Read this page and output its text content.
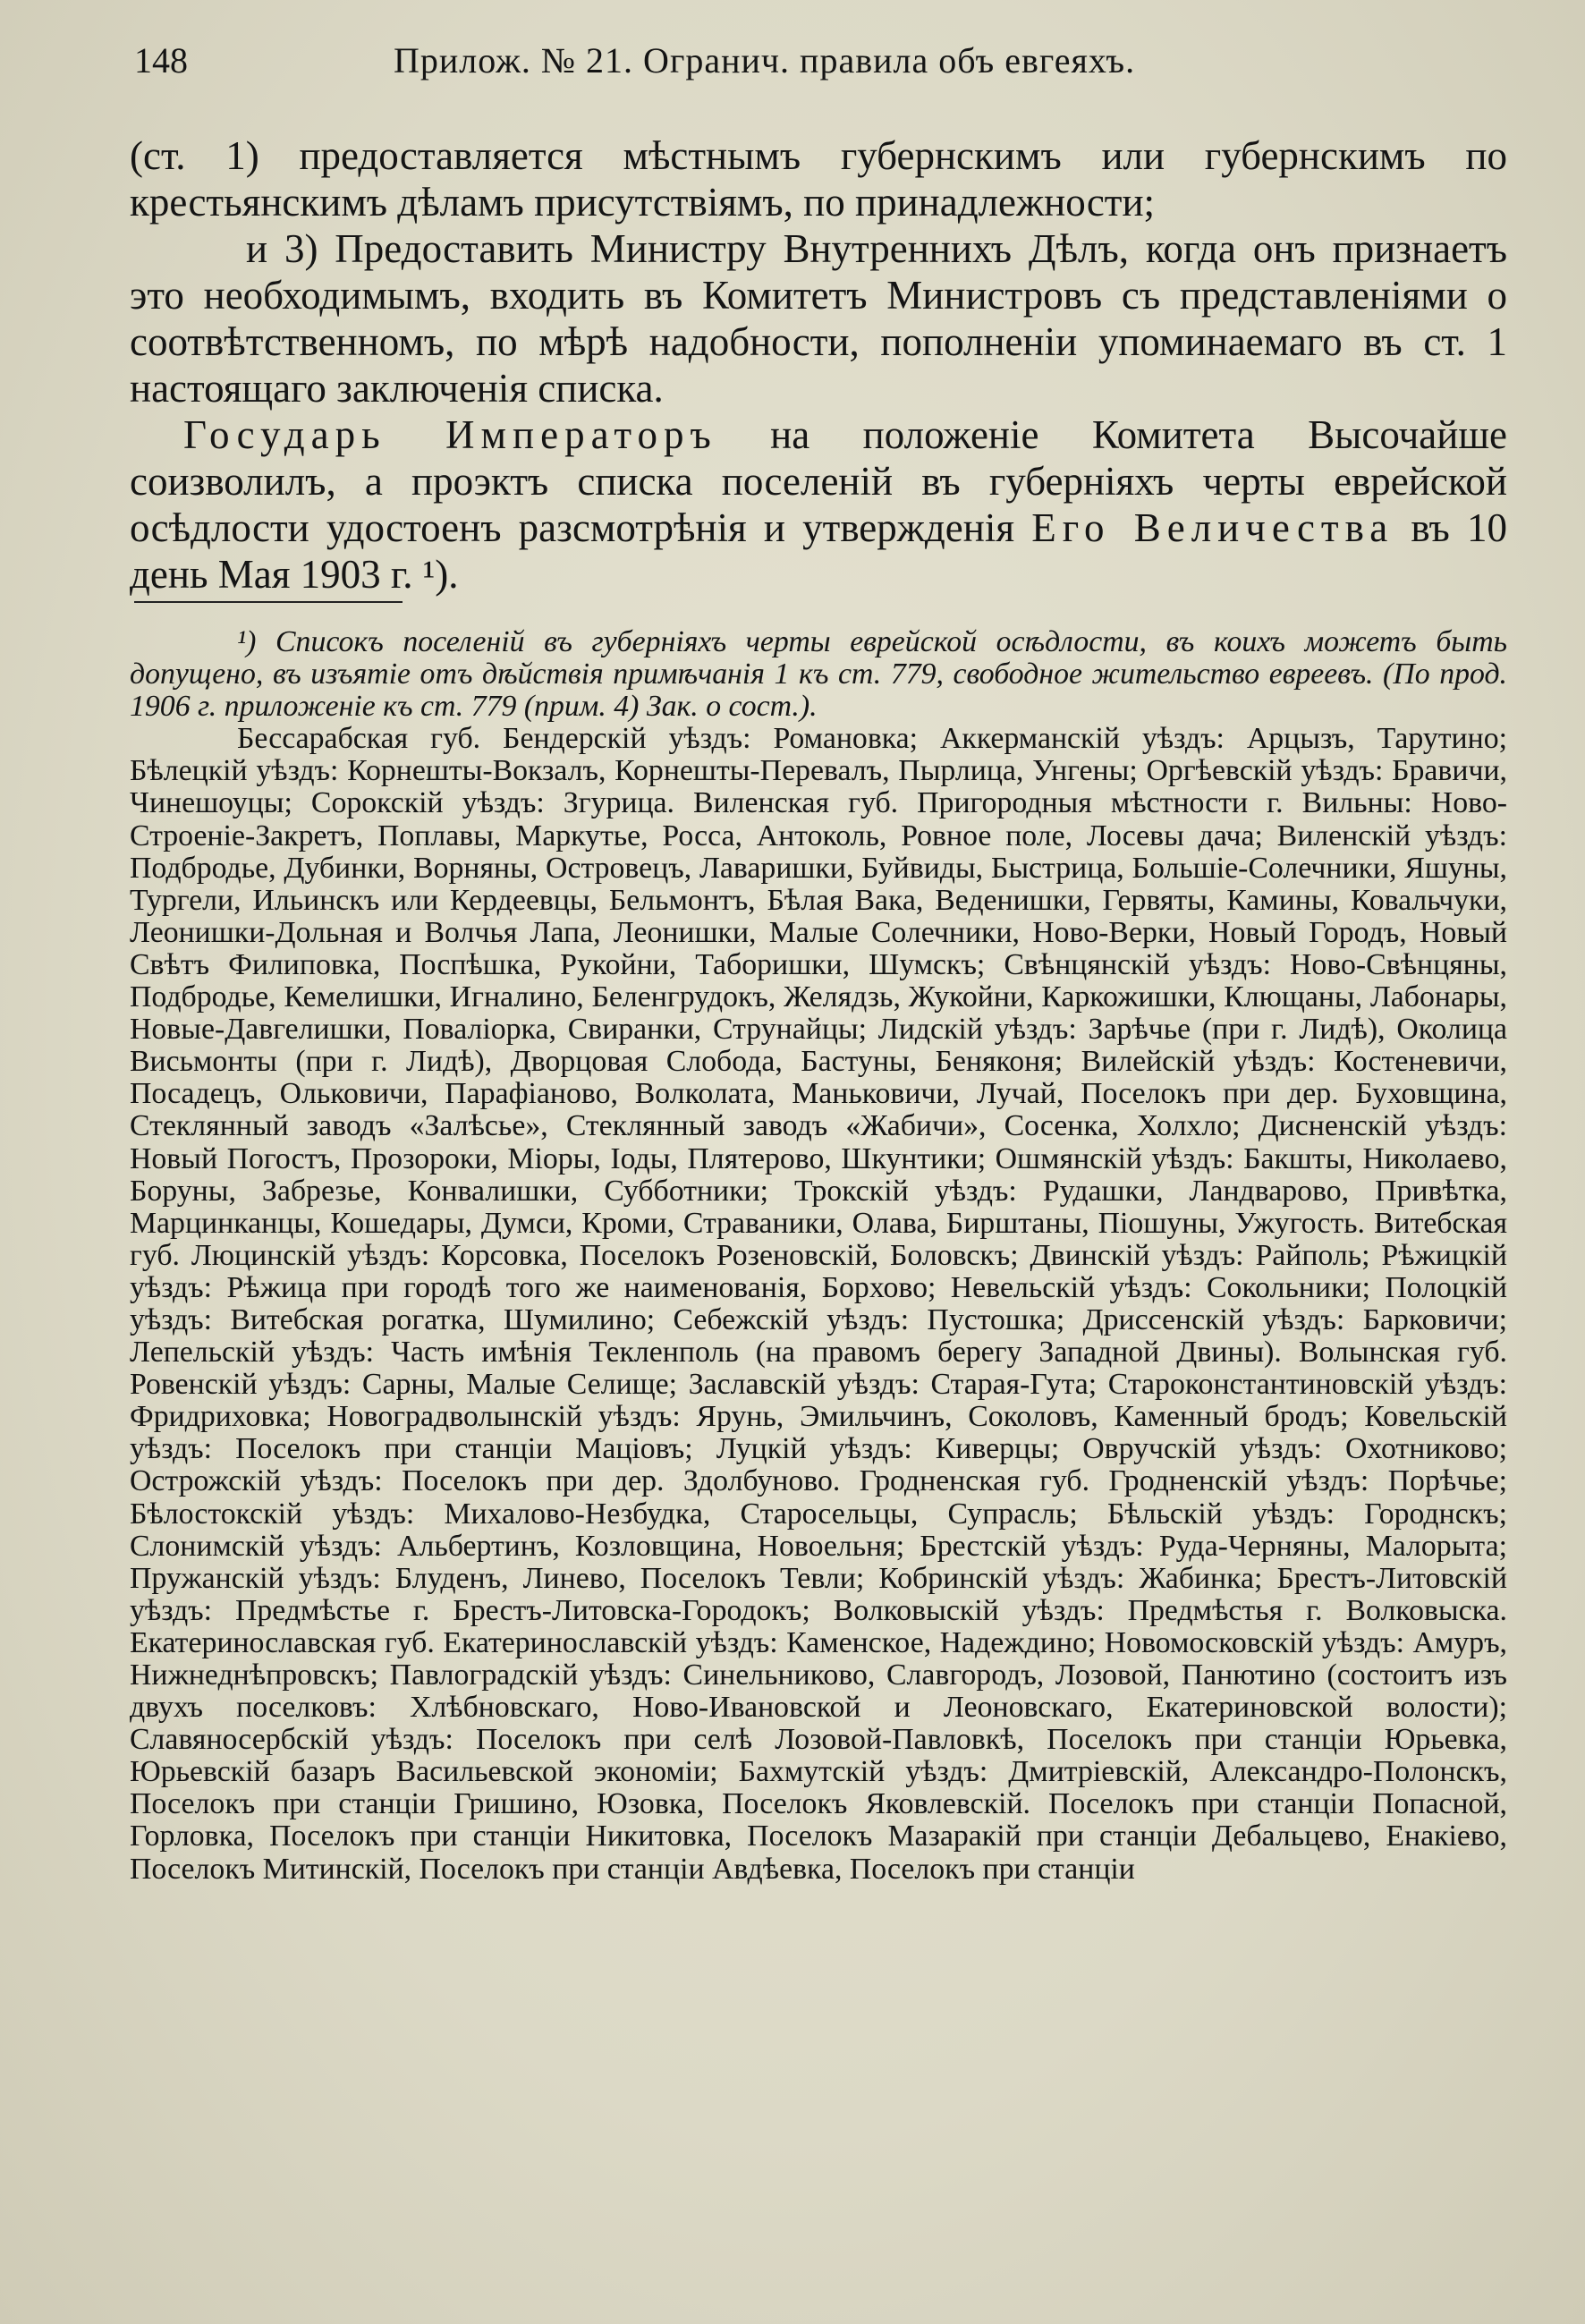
148	Прилож. № 21. Огранич. правила объ евгеяхъ.

(ст. 1) предоставляется мѣстнымъ губернскимъ или губернскимъ по крестьянскимъ дѣламъ присутствіямъ, по принадлежности;

и 3) Предоставить Министру Внутреннихъ Дѣлъ, когда онъ признаетъ это необходимымъ, входить въ Комитетъ Министровъ съ представленіями о соотвѣтственномъ, по мѣрѣ надобности, пополненіи упоминаемаго въ ст. 1 настоящаго заключенія списка.

Государь Императоръ на положеніе Комитета Высочайше соизволилъ, а проэктъ списка поселеній въ губерніяхъ черты еврейской осѣдлости удостоенъ разсмотрѣнія и утвержденія Его Величества въ 10 день Мая 1903 г. ¹).

¹) Списокъ поселеній въ губерніяхъ черты еврейской осѣдлости, въ коихъ можетъ быть допущено, въ изъятіе отъ дѣйствія примѣчанія 1 къ ст. 779, свободное жительство евреевъ. (По прод. 1906 г. приложеніе къ ст. 779 (прим. 4) Зак. о сост.).

Бессарабская губ. Бендерскій уѣздъ: Романовка; Аккерманскій уѣздъ: Арцызъ, Тарутино; Бѣлецкій уѣздъ: Корнешты-Вокзалъ, Корнешты-Перевалъ, Пырлица, Унгены; Оргѣевскій уѣздъ: Бравичи, Чинешоуцы; Сорокскій уѣздъ: Згурица. Виленская губ. Пригородныя мѣстности г. Вильны: Ново-Строеніе-Закретъ, Поплавы, Маркутье, Росса, Антоколь, Ровное поле, Лосевы дача; Виленскій уѣздъ: Подбродье, Дубинки, Ворняны, Островецъ, Лаваришки, Буйвиды, Быстрица, Большіе-Солечники, Яшуны, Тургели, Ильинскъ или Кердеевцы, Бельмонтъ, Бѣлая Вака, Веденишки, Гервяты, Камины, Ковальчуки, Леонишки-Дольная и Волчья Лапа, Леонишки, Малые Солечники, Ново-Верки, Новый Городъ, Новый Свѣтъ Филиповка, Поспѣшка, Рукойни, Таборишки, Шумскъ; Свѣнцянскій уѣздъ: Ново-Свѣнцяны, Подбродье, Кемелишки, Игналино, Беленгрудокъ, Желядзь, Жукойни, Каркожишки, Клющаны, Лабонары, Новые-Давгелишки, Поваліорка, Свиранки, Струнайцы; Лидскій уѣздъ: Зарѣчье (при г. Лидѣ), Околица Висьмонты (при г. Лидѣ), Дворцовая Слобода, Бастуны, Беняконя; Вилейскій уѣздъ: Костеневичи, Посадецъ, Ольковичи, Парафіаново, Волколата, Маньковичи, Лучай, Поселокъ при дер. Буховщина, Стеклянный заводъ «Залѣсье», Стеклянный заводъ «Жабичи», Сосенка, Холхло; Дисненскій уѣздъ: Новый Погостъ, Прозороки, Міоры, Іоды, Плятерово, Шкунтики; Ошмянскій уѣздъ: Бакшты, Николаево, Боруны, Забрезье, Конвалишки, Субботники; Трокскій уѣздъ: Рудашки, Ландварово, Привѣтка, Марцинканцы, Кошедары, Думси, Кроми, Страваники, Олава, Бирштаны, Піошуны, Ужугость. Витебская губ. Люцинскій уѣздъ: Корсовка, Поселокъ Розеновскій, Боловскъ; Двинскій уѣздъ: Райполь; Рѣжицкій уѣздъ: Рѣжица при городѣ того же наименованія, Борхово; Невельскій уѣздъ: Сокольники; Полоцкій уѣздъ: Витебская рогатка, Шумилино; Себежскій уѣздъ: Пустошка; Дриссенскій уѣздъ: Барковичи; Лепельскій уѣздъ: Часть имѣнія Текленполь (на правомъ берегу Западной Двины). Волынская губ. Ровенскій уѣздъ: Сарны, Малые Селище; Заславскій уѣздъ: Старая-Гута; Староконстантиновскій уѣздъ: Фридриховка; Новоградволынскій уѣздъ: Ярунь, Эмильчинъ, Соколовъ, Каменный бродъ; Ковельскій уѣздъ: Поселокъ при станціи Маціовъ; Луцкій уѣздъ: Киверцы; Овручскій уѣздъ: Охотниково; Острожскій уѣздъ: Поселокъ при дер. Здолбуново. Гродненская губ. Гродненскій уѣздъ: Порѣчье; Бѣлостокскій уѣздъ: Михалово-Незбудка, Старосельцы, Супрасль; Бѣльскій уѣздъ: Городнскъ; Слонимскій уѣздъ: Альбертинъ, Козловщина, Новоельня; Брестскій уѣздъ: Руда-Черняны, Малорыта; Пружанскій уѣздъ: Блуденъ, Линево, Поселокъ Тевли; Кобринскій уѣздъ: Жабинка; Брестъ-Литовскій уѣздъ: Предмѣстье г. Брестъ-Литовска-Городокъ; Волковыскій уѣздъ: Предмѣстья г. Волковыска. Екатеринославская губ. Екатеринославскій уѣздъ: Каменское, Надеждино; Новомосковскій уѣздъ: Амуръ, Нижнеднѣпровскъ; Павлоградскій уѣздъ: Синельниково, Славгородъ, Лозовой, Панютино (состоитъ изъ двухъ поселковъ: Хлѣбновскаго, Ново-Ивановской и Леоновскаго, Екатериновской волости); Славяносербскій уѣздъ: Поселокъ при селѣ Лозовой-Павловкѣ, Поселокъ при станціи Юрьевка, Юрьевскій базаръ Васильевской экономіи; Бахмутскій уѣздъ: Дмитріевскій, Александро-Полонскъ, Поселокъ при станціи Гришино, Юзовка, Поселокъ Яковлевскій. Поселокъ при станціи Попасной, Горловка, Поселокъ при станціи Никитовка, Поселокъ Мазаракій при станціи Дебальцево, Енакіево, Поселокъ Митинскій, Поселокъ при станціи Авдѣевка, Поселокъ при станціи
